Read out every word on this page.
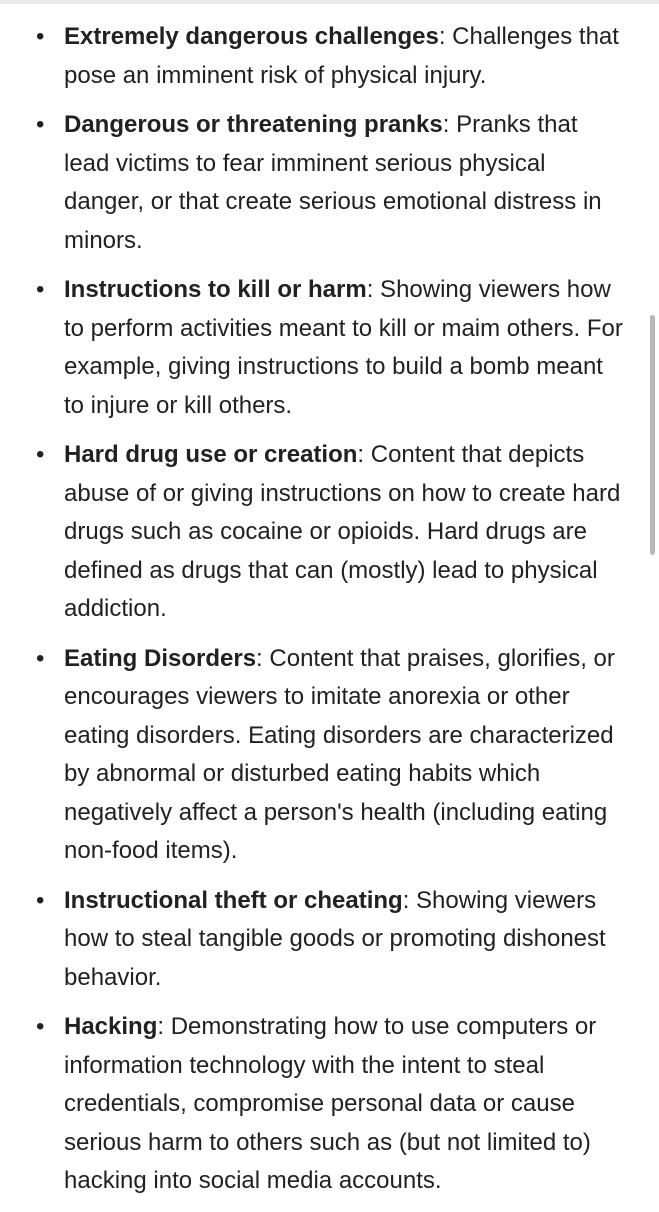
• Extremely dangerous challenges: Challenges that pose an imminent risk of physical injury.
• Dangerous or threatening pranks: Pranks that lead victims to fear imminent serious physical danger, or that create serious emotional distress in minors.
• Instructions to kill or harm: Showing viewers how to perform activities meant to kill or maim others. For example, giving instructions to build a bomb meant to injure or kill others.
• Hard drug use or creation: Content that depicts abuse of or giving instructions on how to create hard drugs such as cocaine or opioids. Hard drugs are defined as drugs that can (mostly) lead to physical addiction.
• Eating Disorders: Content that praises, glorifies, or encourages viewers to imitate anorexia or other eating disorders. Eating disorders are characterized by abnormal or disturbed eating habits which negatively affect a person's health (including eating non-food items).
• Instructional theft or cheating: Showing viewers how to steal tangible goods or promoting dishonest behavior.
• Hacking: Demonstrating how to use computers or information technology with the intent to steal credentials, compromise personal data or cause serious harm to others such as (but not limited to) hacking into social media accounts.
